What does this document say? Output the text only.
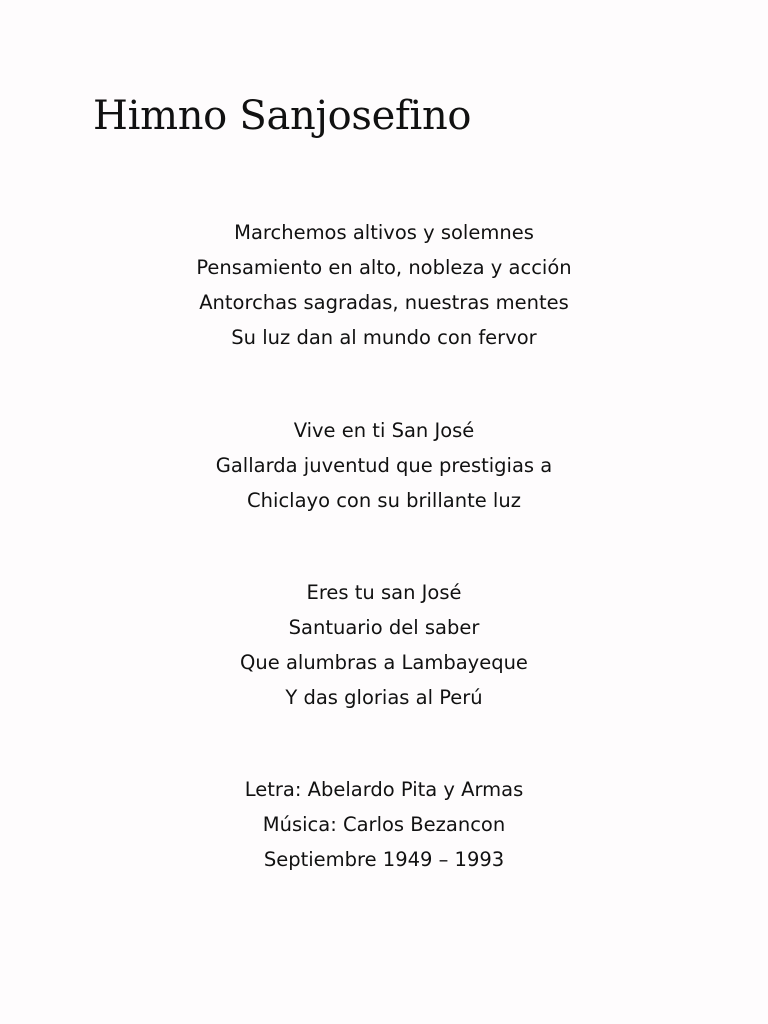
Himno Sanjosefino
Marchemos altivos y solemnes
Pensamiento en alto, nobleza y acción
Antorchas sagradas, nuestras mentes
Su luz dan al mundo con fervor
Vive en ti San José
Gallarda juventud que prestigias a
Chiclayo con su brillante luz
Eres tu san José
Santuario del saber
Que alumbras a Lambayeque
Y das glorias al Perú
Letra: Abelardo Pita y Armas
Música: Carlos Bezancon
Septiembre 1949 – 1993
